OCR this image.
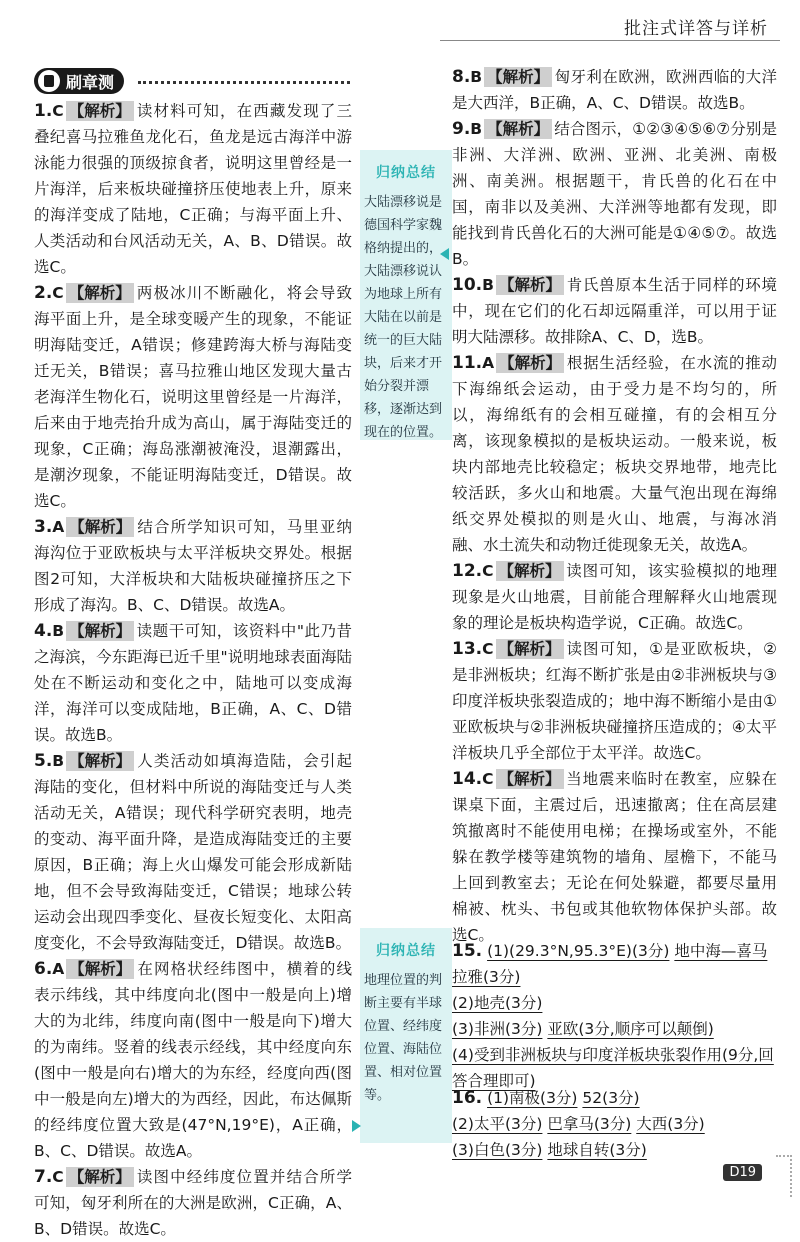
批注式详答与详析
刷章测
1.C 【解析】 读材料可知，在西藏发现了三叠纪喜马拉雅鱼龙化石，鱼龙是远古海洋中游泳能力很强的顶级掠食者，说明这里曾经是一片海洋，后来板块碰撞挤压使地表上升，原来的海洋变成了陆地，C正确；与海平面上升、人类活动和台风活动无关，A、B、D错误。故选C。
2.C 【解析】 两极冰川不断融化，将会导致海平面上升，是全球变暖产生的现象，不能证明海陆变迁，A错误；修建跨海大桥与海陆变迁无关，B错误；喜马拉雅山地区发现大量古老海洋生物化石，说明这里曾经是一片海洋，后来由于地壳抬升成为高山，属于海陆变迁的现象，C正确；海岛涨潮被淹没，退潮露出，是潮汐现象，不能证明海陆变迁，D错误。故选C。
3.A 【解析】 结合所学知识可知，马里亚纳海沟位于亚欧板块与太平洋板块交界处。根据图2可知，大洋板块和大陆板块碰撞挤压之下形成了海沟。B、C、D错误。故选A。
4.B 【解析】 读题干可知，该资料中"此乃昔之海滨，今东距海已近千里"说明地球表面海陆处在不断运动和变化之中，陆地可以变成海洋，海洋可以变成陆地，B正确，A、C、D错误。故选B。
5.B 【解析】 人类活动如填海造陆，会引起海陆的变化，但材料中所说的海陆变迁与人类活动无关，A错误；现代科学研究表明，地壳的变动、海平面升降，是造成海陆变迁的主要原因，B正确；海上火山爆发可能会形成新陆地，但不会导致海陆变迁，C错误；地球公转运动会出现四季变化、昼夜长短变化、太阳高度变化，不会导致海陆变迁，D错误。故选B。
6.A 【解析】 在网格状经纬图中，横着的线表示纬线，其中纬度向北(图中一般是向上)增大的为北纬，纬度向南(图中一般是向下)增大的为南纬。竖着的线表示经线，其中经度向东(图中一般是向右)增大的为东经，经度向西(图中一般是向左)增大的为西经，因此，布达佩斯的经纬度位置大致是(47°N,19°E)，A正确，B、C、D错误。故选A。
7.C 【解析】 读图中经纬度位置并结合所学可知，匈牙利所在的大洲是欧洲，C正确，A、B、D错误。故选C。
归纳总结
大陆漂移说是德国科学家魏格纳提出的，大陆漂移说认为地球上所有大陆在以前是统一的巨大陆块，后来才开始分裂并漂移，逐渐达到现在的位置。
归纳总结
地理位置的判断主要有半球位置、经纬度位置、海陆位置、相对位置等。
8.B 【解析】 匈牙利在欧洲，欧洲西临的大洋是大西洋，B正确，A、C、D错误。故选B。
9.B 【解析】 结合图示，①②③④⑤⑥⑦分别是非洲、大洋洲、欧洲、亚洲、北美洲、南极洲、南美洲。根据题干，肯氏兽的化石在中国，南非以及美洲、大洋洲等地都有发现，即能找到肯氏兽化石的大洲可能是①④⑤⑦。故选B。
10.B 【解析】 肯氏兽原本生活于同样的环境中，现在它们的化石却远隔重洋，可以用于证明大陆漂移。故排除A、C、D，选B。
11.A 【解析】 根据生活经验，在水流的推动下海绵纸会运动，由于受力是不均匀的，所以，海绵纸有的会相互碰撞，有的会相互分离，该现象模拟的是板块运动。一般来说，板块内部地壳比较稳定；板块交界地带，地壳比较活跃，多火山和地震。大量气泡出现在海绵纸交界处模拟的则是火山、地震，与海冰消融、水土流失和动物迁徙现象无关，故选A。
12.C 【解析】 读图可知，该实验模拟的地理现象是火山地震，目前能合理解释火山地震现象的理论是板块构造学说，C正确。故选C。
13.C 【解析】 读图可知，①是亚欧板块，②是非洲板块；红海不断扩张是由②非洲板块与③印度洋板块张裂造成的；地中海不断缩小是由①亚欧板块与②非洲板块碰撞挤压造成的；④太平洋板块几乎全部位于太平洋。故选C。
14.C 【解析】 当地震来临时在教室，应躲在课桌下面，主震过后，迅速撤离；住在高层建筑撤离时不能使用电梯；在操场或室外，不能躲在教学楼等建筑物的墙角、屋檐下，不能马上回到教室去；无论在何处躲避，都要尽量用棉被、枕头、书包或其他软物体保护头部。故选C。
15. (1)(29.3°N,95.3°E)(3分) 地中海—喜马拉雅(3分)
(2)地壳(3分)
(3)非洲(3分) 亚欧(3分,顺序可以颠倒)
(4)受到非洲板块与印度洋板块张裂作用(9分,回答合理即可)
16. (1)南极(3分) 52(3分)
(2)太平(3分) 巴拿马(3分) 大西(3分)
(3)白色(3分) 地球自转(3分)
D19
